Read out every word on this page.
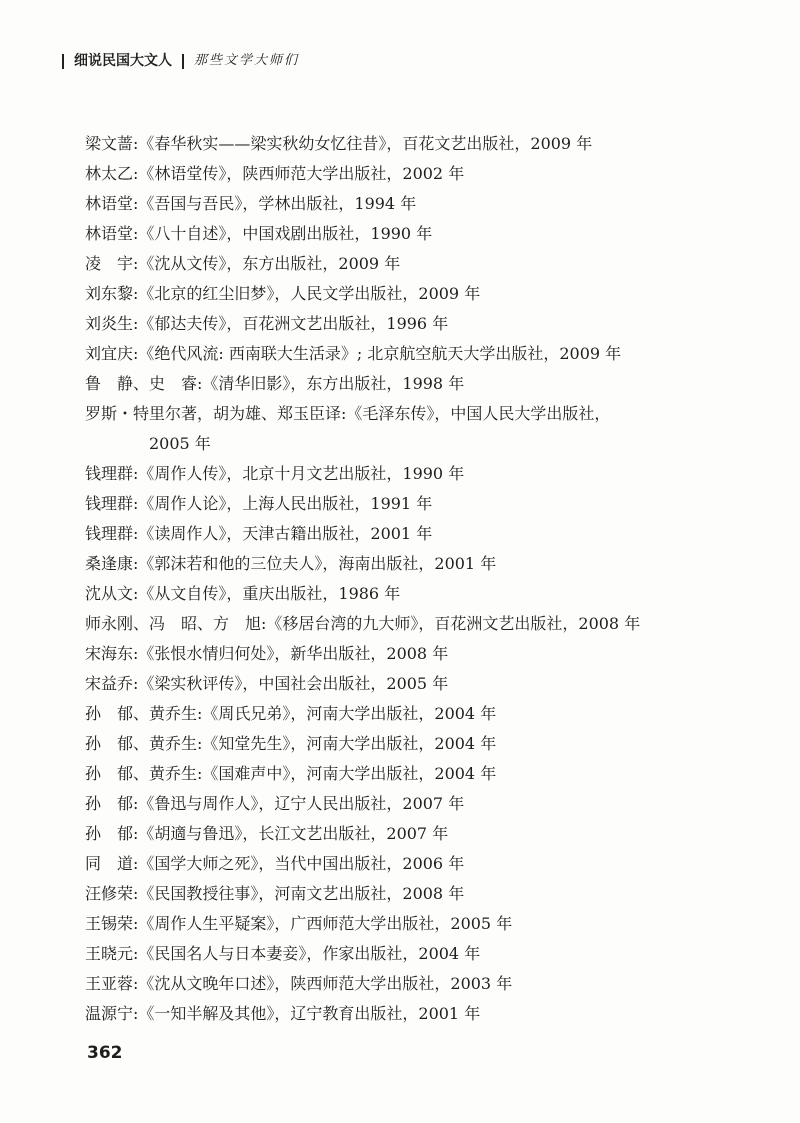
细说民国大文人 那些文学大师们
梁文蔷:《春华秋实——梁实秋幼女忆往昔》，百花文艺出版社，2009 年
林太乙:《林语堂传》，陕西师范大学出版社，2002 年
林语堂:《吾国与吾民》，学林出版社，1994 年
林语堂:《八十自述》，中国戏剧出版社，1990 年
凌　宇:《沈从文传》，东方出版社，2009 年
刘东黎:《北京的红尘旧梦》，人民文学出版社，2009 年
刘炎生:《郁达夫传》，百花洲文艺出版社，1996 年
刘宜庆:《绝代风流: 西南联大生活录》; 北京航空航天大学出版社，2009 年
鲁　静、史　睿:《清华旧影》，东方出版社，1998 年
罗斯・特里尔著，胡为雄、郑玉臣译:《毛泽东传》，中国人民大学出版社，
2005 年
钱理群:《周作人传》，北京十月文艺出版社，1990 年
钱理群:《周作人论》，上海人民出版社，1991 年
钱理群:《读周作人》，天津古籍出版社，2001 年
桑逢康:《郭沫若和他的三位夫人》，海南出版社，2001 年
沈从文:《从文自传》，重庆出版社，1986 年
师永刚、冯　昭、方　旭:《移居台湾的九大师》，百花洲文艺出版社，2008 年
宋海东:《张恨水情归何处》，新华出版社，2008 年
宋益乔:《梁实秋评传》，中国社会出版社，2005 年
孙　郁、黄乔生:《周氏兄弟》，河南大学出版社，2004 年
孙　郁、黄乔生:《知堂先生》，河南大学出版社，2004 年
孙　郁、黄乔生:《国难声中》，河南大学出版社，2004 年
孙　郁:《鲁迅与周作人》，辽宁人民出版社，2007 年
孙　郁:《胡適与鲁迅》，长江文艺出版社，2007 年
同　道:《国学大师之死》，当代中国出版社，2006 年
汪修荣:《民国教授往事》，河南文艺出版社，2008 年
王锡荣:《周作人生平疑案》，广西师范大学出版社，2005 年
王晓元:《民国名人与日本妻妾》，作家出版社，2004 年
王亚蓉:《沈从文晚年口述》，陕西师范大学出版社，2003 年
温源宁:《一知半解及其他》，辽宁教育出版社，2001 年
362
